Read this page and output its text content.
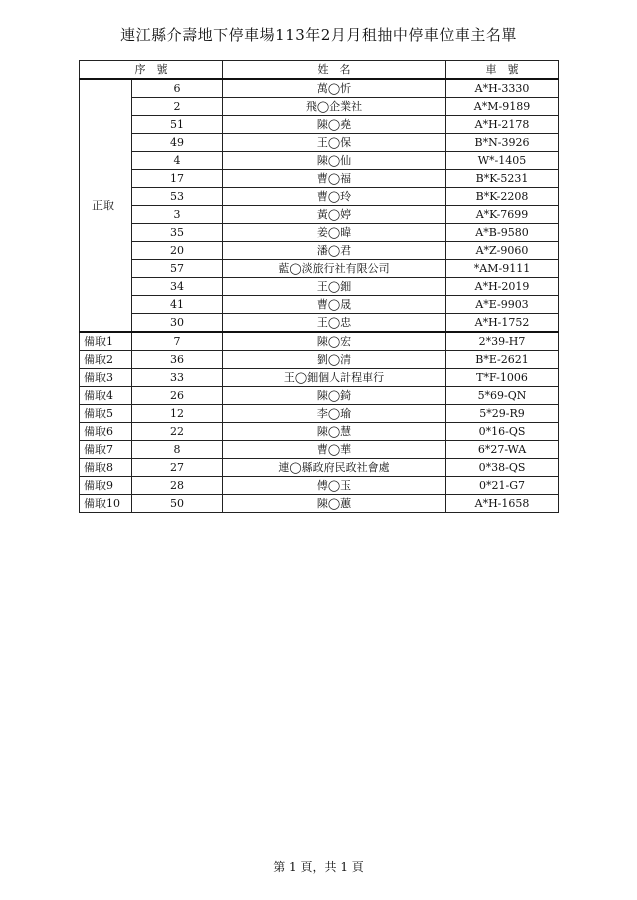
連江縣介壽地下停車場113年2月月租抽中停車位車主名單
序　號		姓　名	車　號
正取	6	萬◯忻	A*H-3330
	2	飛◯企業社	A*M-9189
	51	陳◯堯	A*H-2178
	49	王◯保	B*N-3926
	4	陳◯仙	W*-1405
	17	曹◯福	B*K-5231
	53	曹◯玲	B*K-2208
	3	黃◯婷	A*K-7699
	35	姜◯暐	A*B-9580
	20	潘◯君	A*Z-9060
	57	藍◯淡旅行社有限公司	*AM-9111
	34	王◯鈿	A*H-2019
	41	曹◯晟	A*E-9903
	30	王◯忠	A*H-1752
備取1	7	陳◯宏	2*39-H7
備取2	36	劉◯清	B*E-2621
備取3	33	王◯鈿個人計程車行	T*F-1006
備取4	26	陳◯錡	5*69-QN
備取5	12	李◯瑜	5*29-R9
備取6	22	陳◯慧	0*16-QS
備取7	8	曹◯華	6*27-WA
備取8	27	連◯縣政府民政社會處	0*38-QS
備取9	28	傅◯玉	0*21-G7
備取10	50	陳◯蕙	A*H-1658
第 1 頁，共 1 頁
